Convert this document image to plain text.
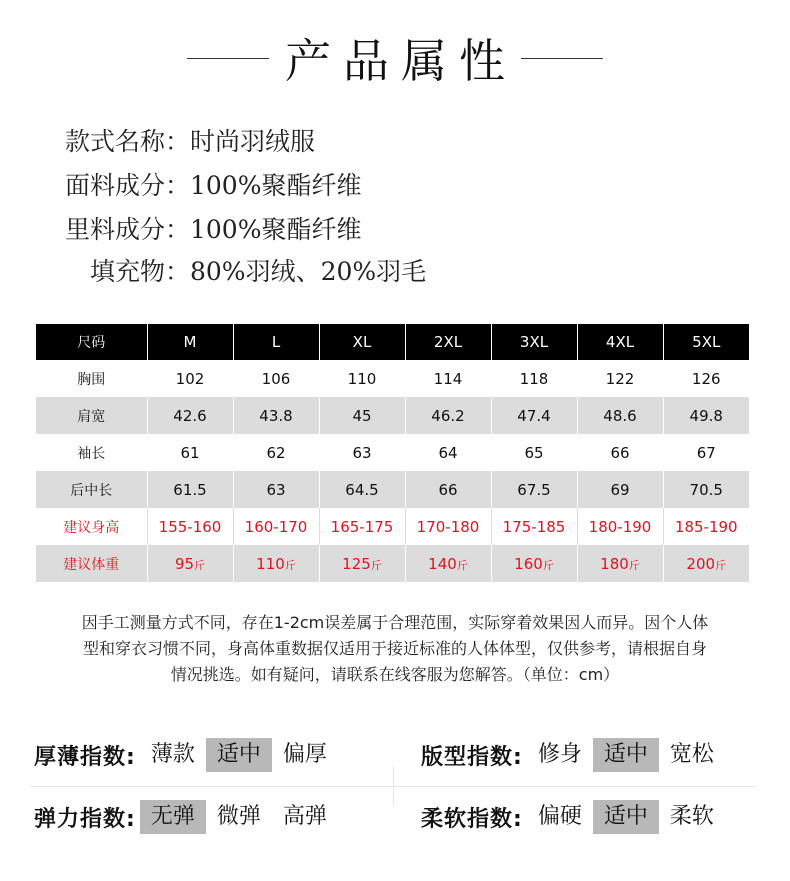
产品属性
款式名称： 时尚羽绒服
面料成分： 100%聚酯纤维
里料成分： 100%聚酯纤维
填充物： 80%羽绒、20%羽毛
尺码	M	L	XL	2XL	3XL	4XL	5XL
胸围	102	106	110	114	118	122	126
肩宽	42.6	43.8	45	46.2	47.4	48.6	49.8
袖长	61	62	63	64	65	66	67
后中长	61.5	63	64.5	66	67.5	69	70.5
建议身高	155-160	160-170	165-175	170-180	175-185	180-190	185-190
建议体重	95斤	110斤	125斤	140斤	160斤	180斤	200斤
因手工测量方式不同，存在1-2cm误差属于合理范围，实际穿着效果因人而异。因个人体
型和穿衣习惯不同，身高体重数据仅适用于接近标准的人体体型，仅供参考，请根据自身
情况挑选。如有疑问，请联系在线客服为您解答。（单位：cm）
厚薄指数: 薄款	适中	偏厚	版型指数: 修身	适中	宽松
弹力指数: 无弹	微弹	高弹	柔软指数: 偏硬	适中	柔软
